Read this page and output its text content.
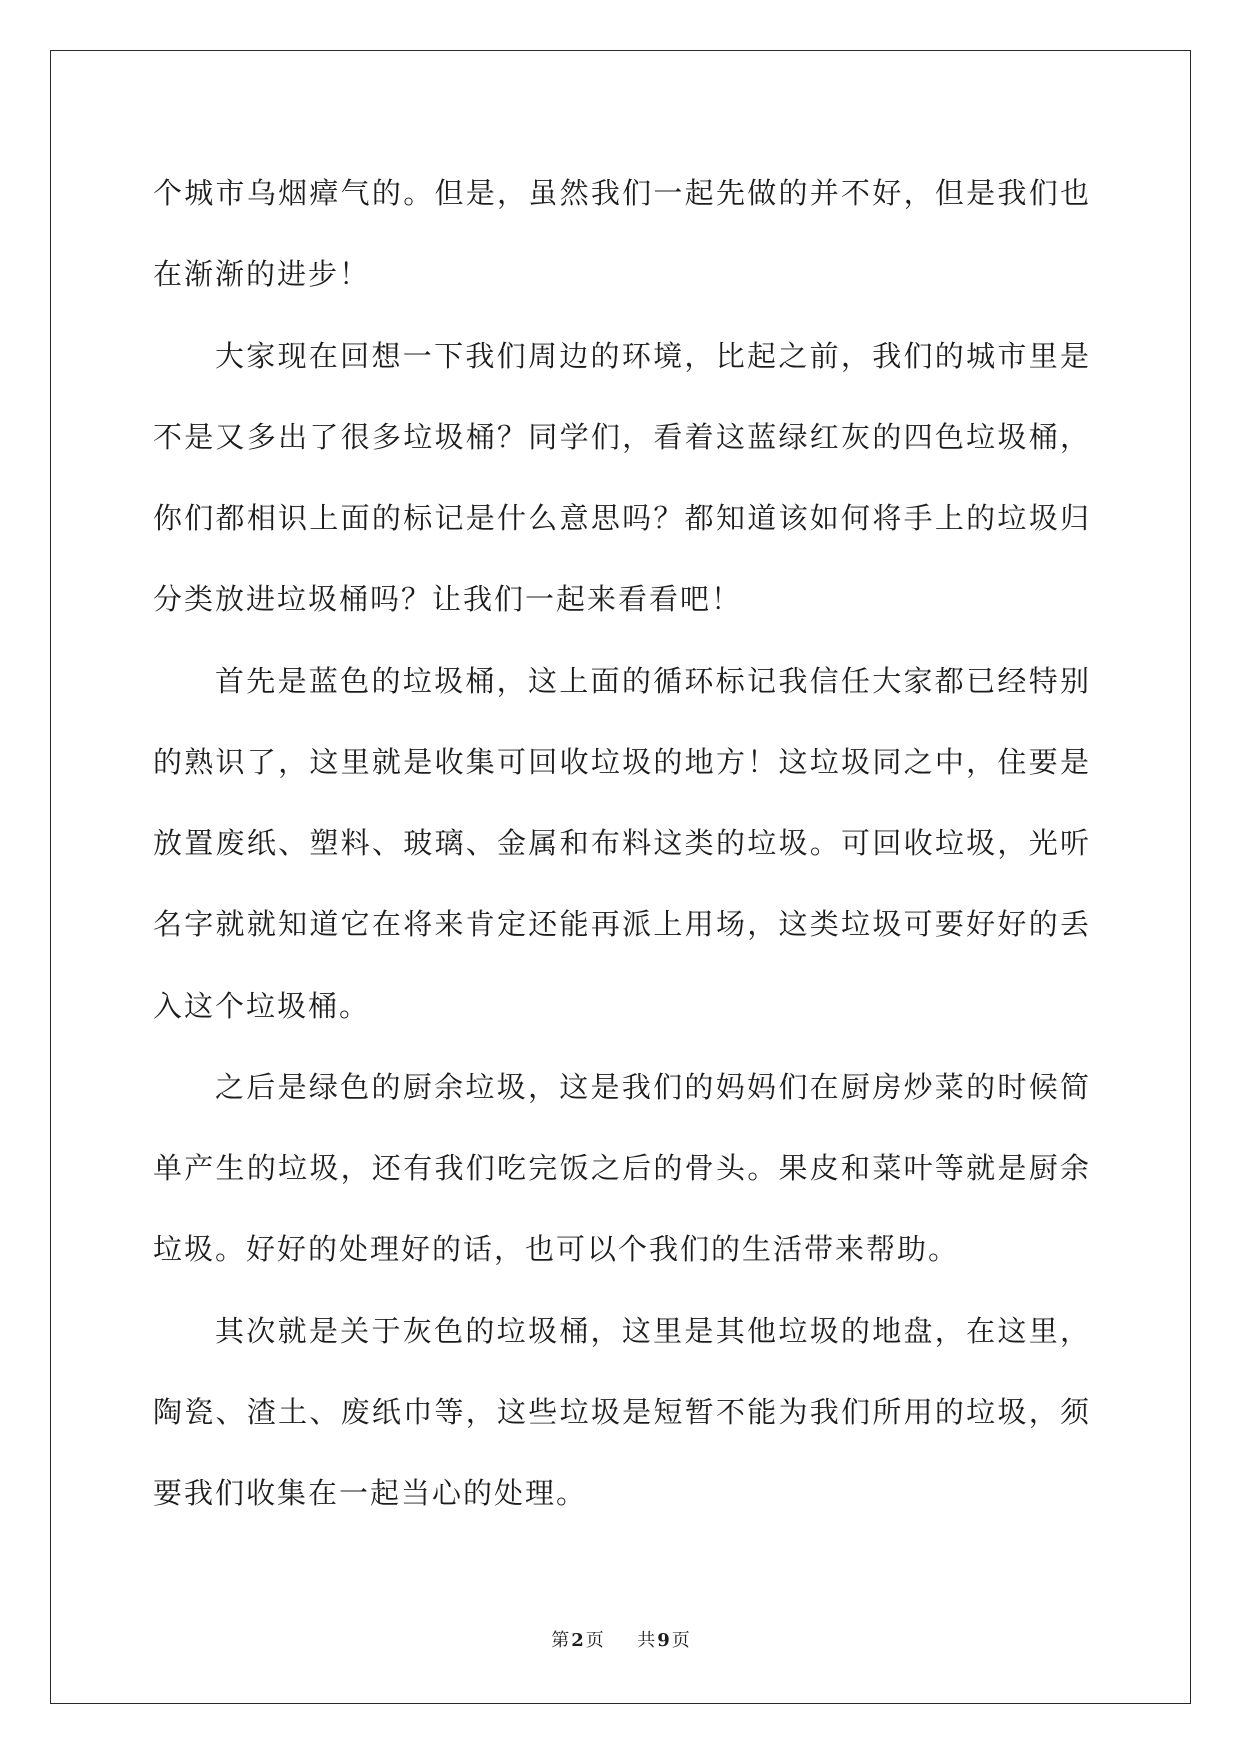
个城市乌烟瘴气的。但是，虽然我们一起先做的并不好，但是我们也
在渐渐的进步！
大家现在回想一下我们周边的环境，比起之前，我们的城市里是
不是又多出了很多垃圾桶？同学们，看着这蓝绿红灰的四色垃圾桶，
你们都相识上面的标记是什么意思吗？都知道该如何将手上的垃圾归
分类放进垃圾桶吗？让我们一起来看看吧！
首先是蓝色的垃圾桶，这上面的循环标记我信任大家都已经特别
的熟识了，这里就是收集可回收垃圾的地方！这垃圾同之中，住要是
放置废纸、塑料、玻璃、金属和布料这类的垃圾。可回收垃圾，光听
名字就就知道它在将来肯定还能再派上用场，这类垃圾可要好好的丢
入这个垃圾桶。
之后是绿色的厨余垃圾，这是我们的妈妈们在厨房炒菜的时候简
单产生的垃圾，还有我们吃完饭之后的骨头。果皮和菜叶等就是厨余
垃圾。好好的处理好的话，也可以个我们的生活带来帮助。
其次就是关于灰色的垃圾桶，这里是其他垃圾的地盘，在这里，
陶瓷、渣土、废纸巾等，这些垃圾是短暂不能为我们所用的垃圾，须
要我们收集在一起当心的处理。
第 2 页 共 9 页
